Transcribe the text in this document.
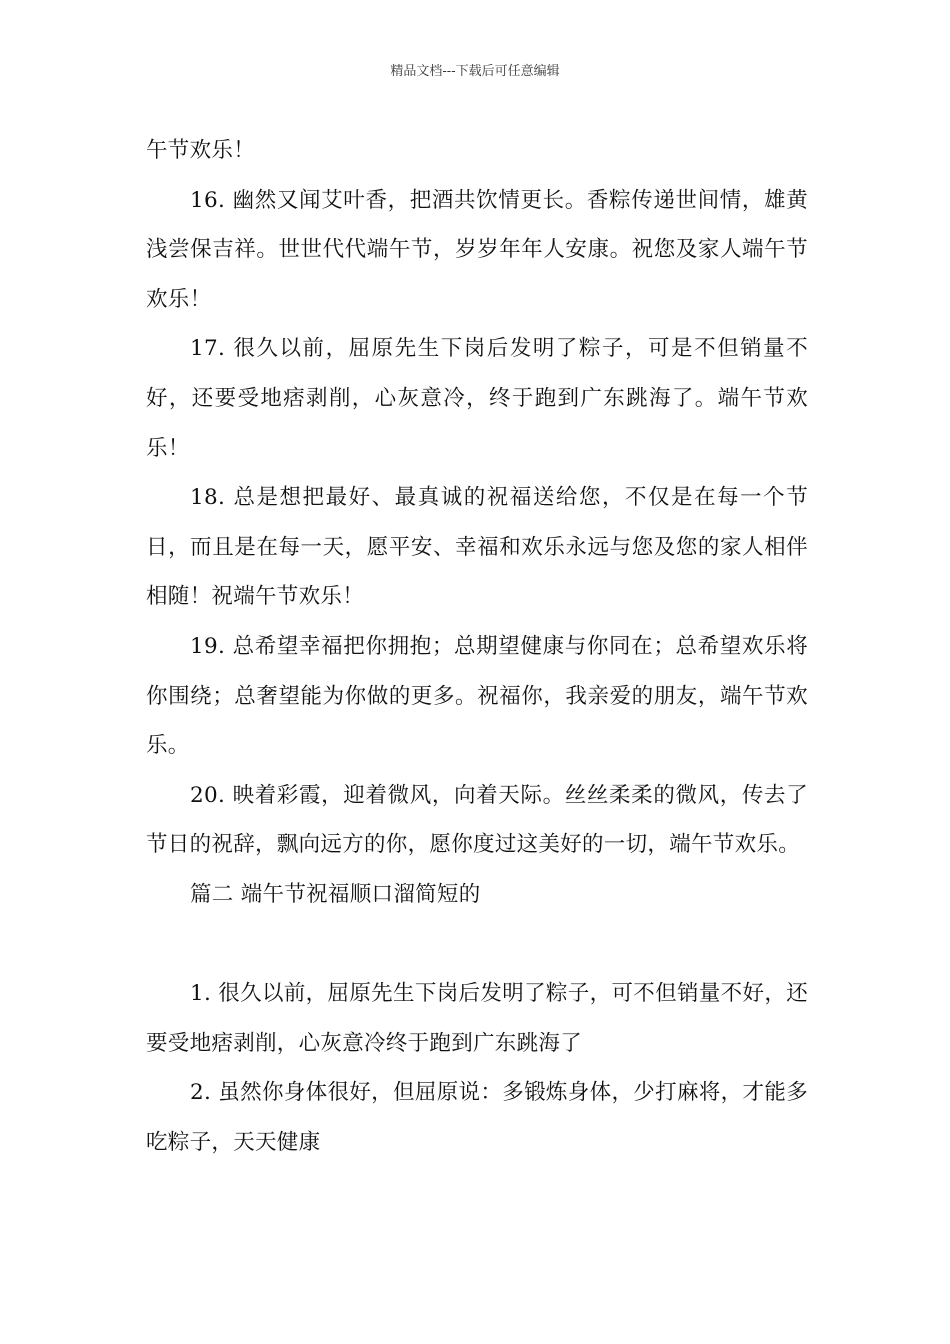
精品文档---下载后可任意编辑

午节欢乐！

16. 幽然又闻艾叶香，把酒共饮情更长。香粽传递世间情，雄黄浅尝保吉祥。世世代代端午节，岁岁年年人安康。祝您及家人端午节欢乐！

17. 很久以前，屈原先生下岗后发明了粽子，可是不但销量不好，还要受地痞剥削，心灰意冷，终于跑到广东跳海了。端午节欢乐！

18. 总是想把最好、最真诚的祝福送给您，不仅是在每一个节日，而且是在每一天，愿平安、幸福和欢乐永远与您及您的家人相伴相随！祝端午节欢乐！

19. 总希望幸福把你拥抱；总期望健康与你同在；总希望欢乐将你围绕；总奢望能为你做的更多。祝福你，我亲爱的朋友，端午节欢乐。

20. 映着彩霞，迎着微风，向着天际。丝丝柔柔的微风，传去了节日的祝辞，飘向远方的你，愿你度过这美好的一切，端午节欢乐。

篇二 端午节祝福顺口溜简短的

1. 很久以前，屈原先生下岗后发明了粽子，可不但销量不好，还要受地痞剥削，心灰意冷终于跑到广东跳海了

2. 虽然你身体很好，但屈原说：多锻炼身体，少打麻将，才能多吃粽子，天天健康
